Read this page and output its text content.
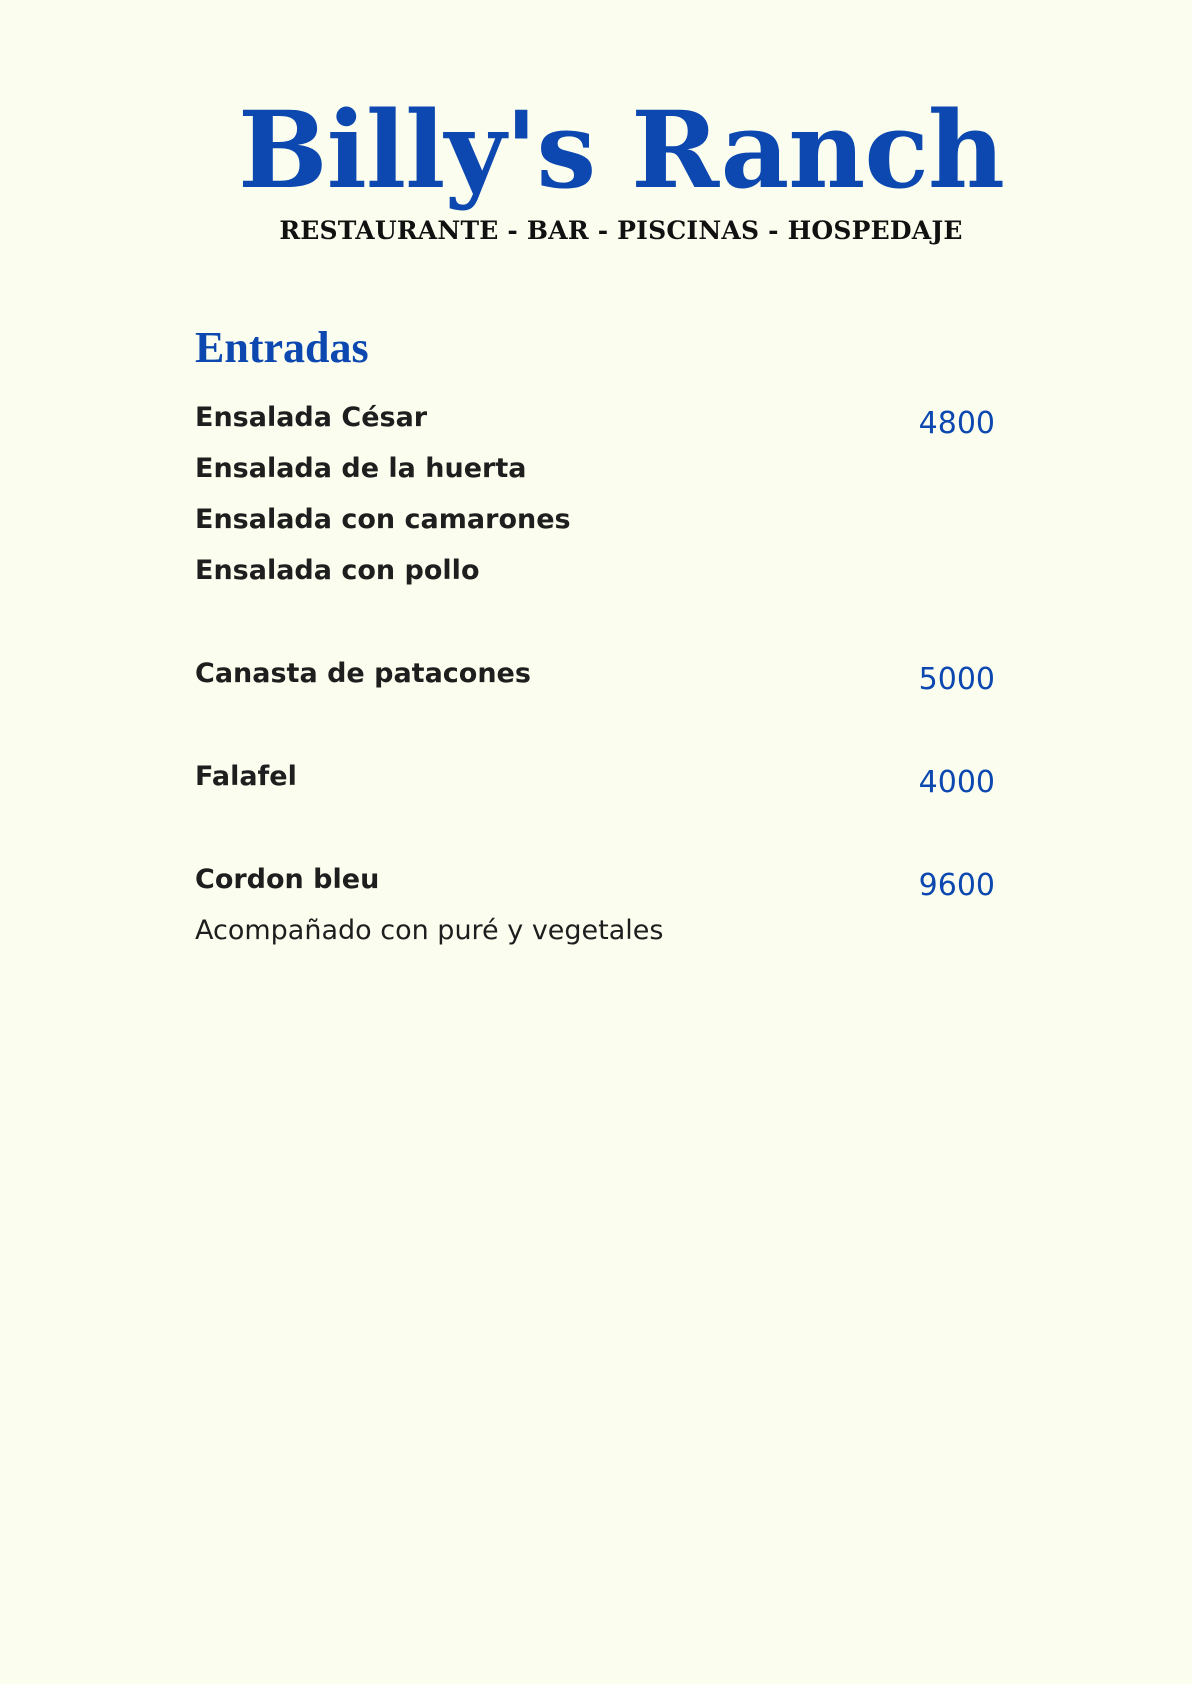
Billy's Ranch
RESTAURANTE - BAR - PISCINAS - HOSPEDAJE
Entradas
Ensalada César
Ensalada de la huerta
Ensalada con camarones
Ensalada con pollo
4800
Canasta de patacones	5000
Falafel	4000
Cordon bleu
Acompañado con puré y vegetales
9600
